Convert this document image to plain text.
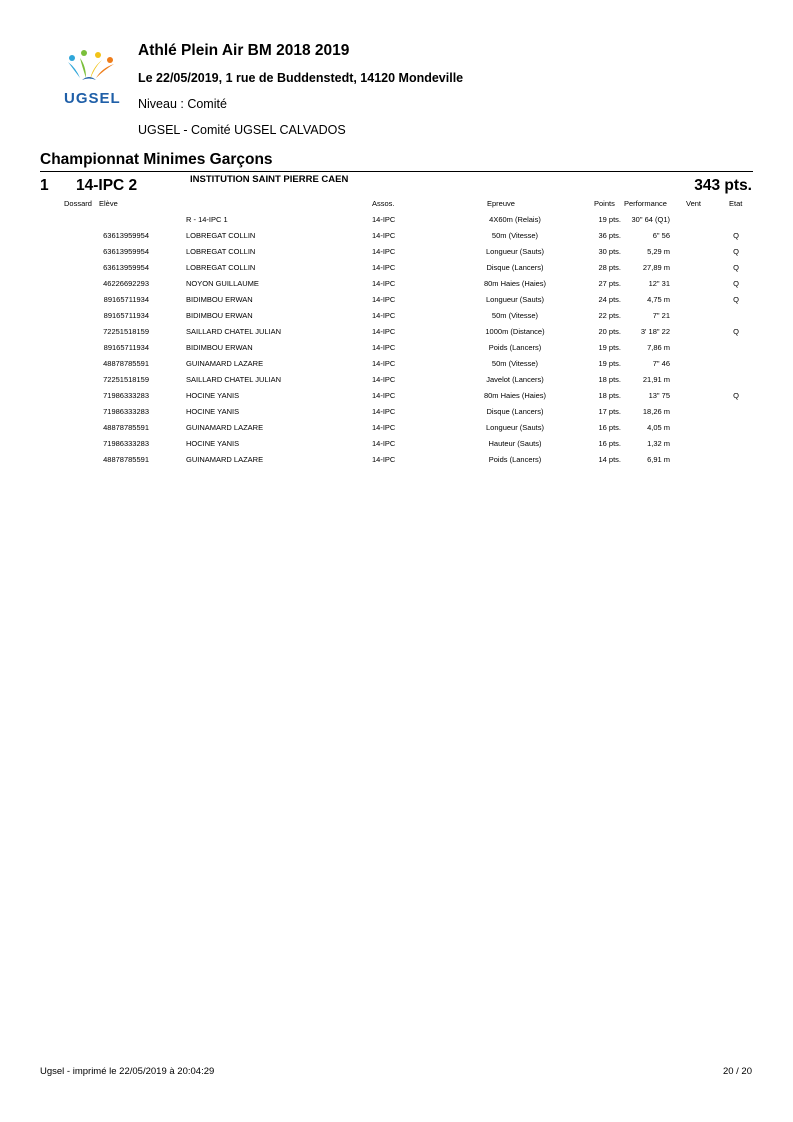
UGSEL
Athlé Plein Air BM 2018 2019
Le 22/05/2019, 1 rue de Buddenstedt, 14120 Mondeville
Niveau : Comité
UGSEL - Comité UGSEL CALVADOS
Championnat Minimes Garçons
1 14-IPC 2	INSTITUTION SAINT PIERRE CAEN	343 pts.
Dossard Elève	Assos.	Epreuve	Points Performance	Vent	Etat
R - 14-IPC 1	14-IPC	4X60m (Relais)	19 pts.	30" 64 (Q1)
63613959954	LOBREGAT COLLIN	14-IPC	50m (Vitesse)	36 pts.	6" 56	Q
63613959954	LOBREGAT COLLIN	14-IPC	Longueur (Sauts)	30 pts.	5,29 m	Q
63613959954	LOBREGAT COLLIN	14-IPC	Disque (Lancers)	28 pts.	27,89 m	Q
46226692293	NOYON GUILLAUME	14-IPC	80m Haies (Haies)	27 pts.	12" 31	Q
89165711934	BIDIMBOU ERWAN	14-IPC	Longueur (Sauts)	24 pts.	4,75 m	Q
89165711934	BIDIMBOU ERWAN	14-IPC	50m (Vitesse)	22 pts.	7" 21
72251518159	SAILLARD CHATEL JULIAN	14-IPC	1000m (Distance)	20 pts.	3' 18" 22	Q
89165711934	BIDIMBOU ERWAN	14-IPC	Poids (Lancers)	19 pts.	7,86 m
48878785591	GUINAMARD LAZARE	14-IPC	50m (Vitesse)	19 pts.	7" 46
72251518159	SAILLARD CHATEL JULIAN	14-IPC	Javelot (Lancers)	18 pts.	21,91 m
71986333283	HOCINE YANIS	14-IPC	80m Haies (Haies)	18 pts.	13" 75	Q
71986333283	HOCINE YANIS	14-IPC	Disque (Lancers)	17 pts.	18,26 m
48878785591	GUINAMARD LAZARE	14-IPC	Longueur (Sauts)	16 pts.	4,05 m
71986333283	HOCINE YANIS	14-IPC	Hauteur (Sauts)	16 pts.	1,32 m
48878785591	GUINAMARD LAZARE	14-IPC	Poids (Lancers)	14 pts.	6,91 m
Ugsel - imprimé le 22/05/2019 à 20:04:29	20 / 20
